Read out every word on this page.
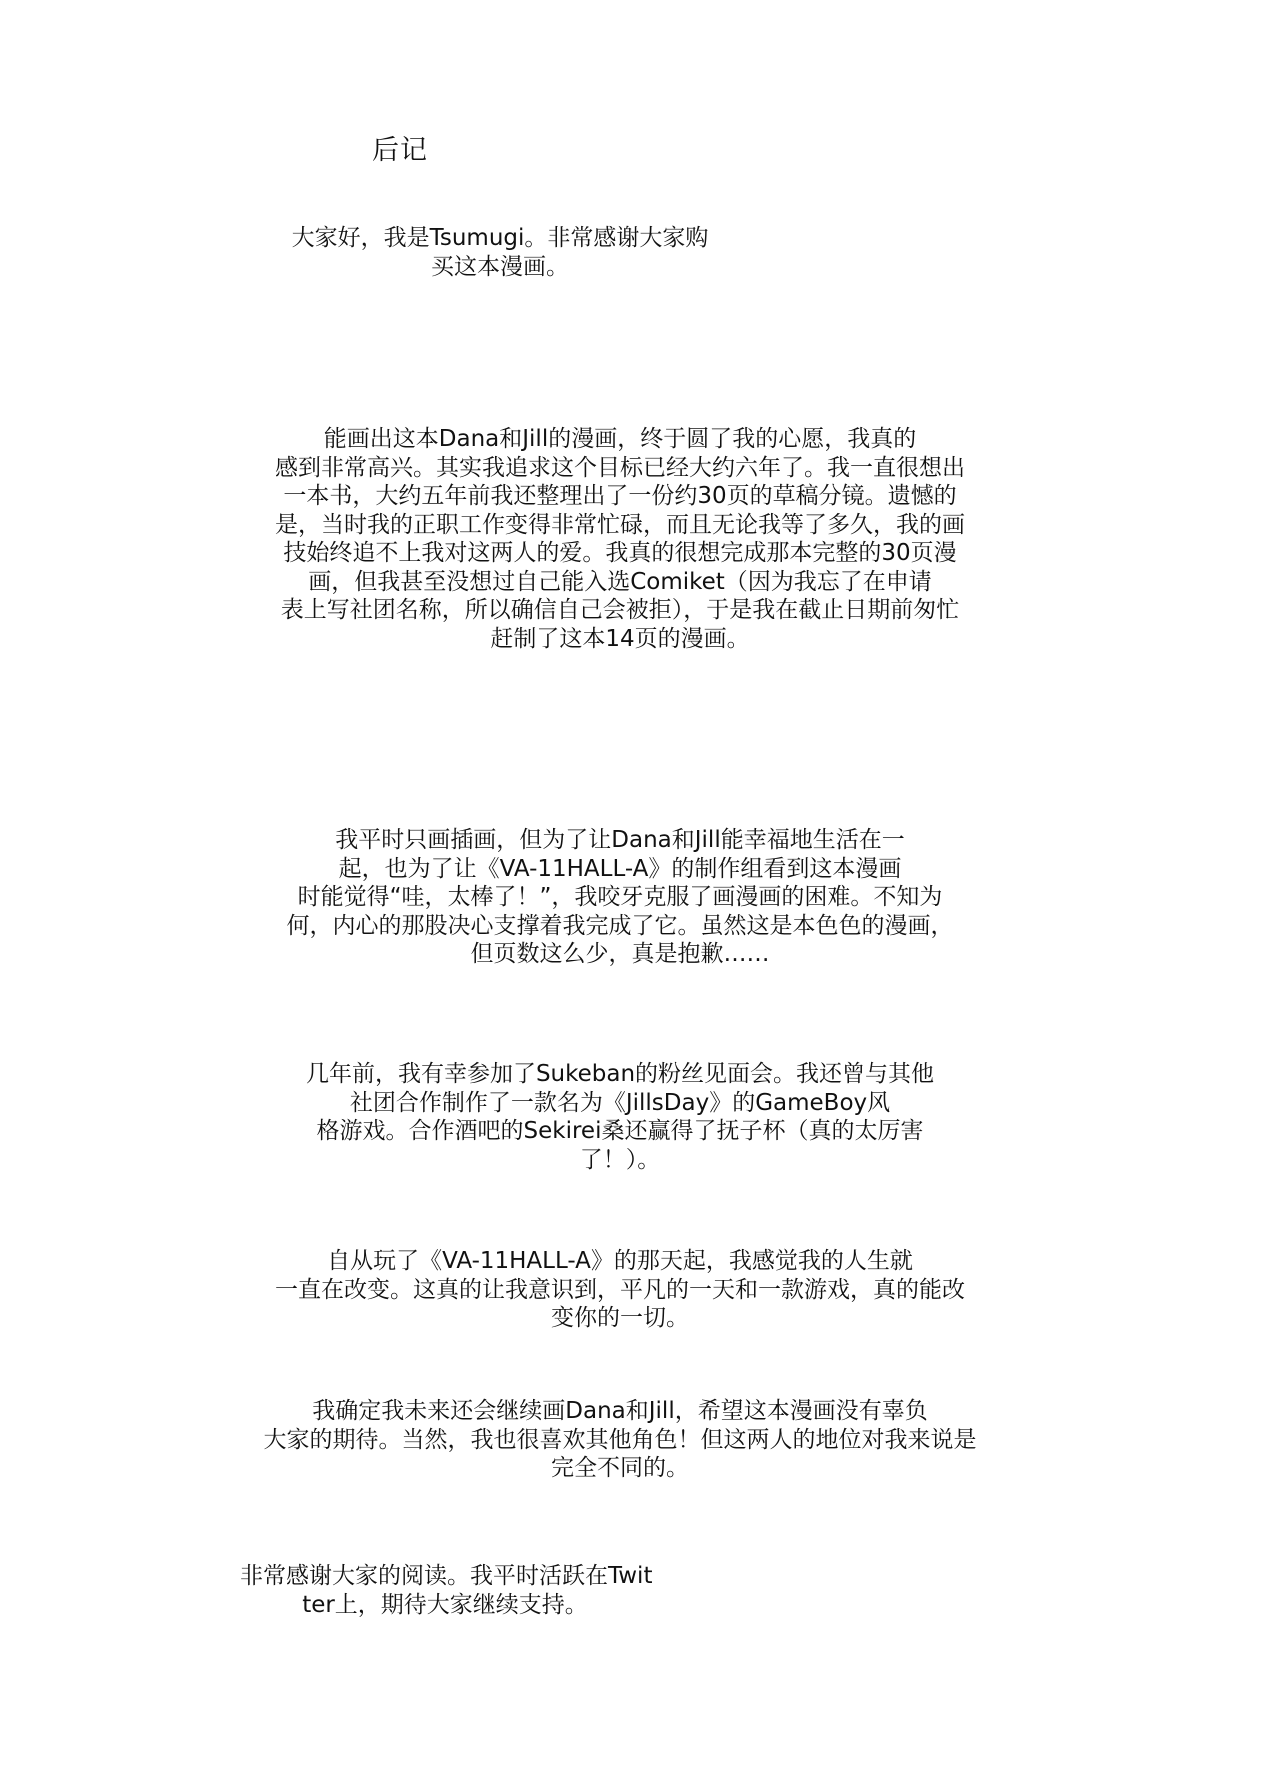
后记
大家好，我是Tsumugi。非常感谢大家购
买这本漫画。
能画出这本Dana和Jill的漫画，终于圆了我的心愿，我真的
感到非常高兴。其实我追求这个目标已经大约六年了。我一直很想出
一本书，大约五年前我还整理出了一份约30页的草稿分镜。遗憾的
是，当时我的正职工作变得非常忙碌，而且无论我等了多久，我的画
技始终追不上我对这两人的爱。我真的很想完成那本完整的30页漫
画，但我甚至没想过自己能入选Comiket（因为我忘了在申请
表上写社团名称，所以确信自己会被拒），于是我在截止日期前匆忙
赶制了这本14页的漫画。
我平时只画插画，但为了让Dana和Jill能幸福地生活在一
起，也为了让《VA-11HALL-A》的制作组看到这本漫画
时能觉得“哇，太棒了！”，我咬牙克服了画漫画的困难。不知为
何，内心的那股决心支撑着我完成了它。虽然这是本色色的漫画，
但页数这么少，真是抱歉……
几年前，我有幸参加了Sukeban的粉丝见面会。我还曾与其他
社团合作制作了一款名为《JillsDay》的GameBoy风
格游戏。合作酒吧的Sekirei桑还赢得了抚子杯（真的太厉害
了！）。
自从玩了《VA-11HALL-A》的那天起，我感觉我的人生就
一直在改变。这真的让我意识到，平凡的一天和一款游戏，真的能改
变你的一切。
我确定我未来还会继续画Dana和Jill，希望这本漫画没有辜负
大家的期待。当然，我也很喜欢其他角色！但这两人的地位对我来说是
完全不同的。
非常感谢大家的阅读。我平时活跃在Twit
ter上，期待大家继续支持。
